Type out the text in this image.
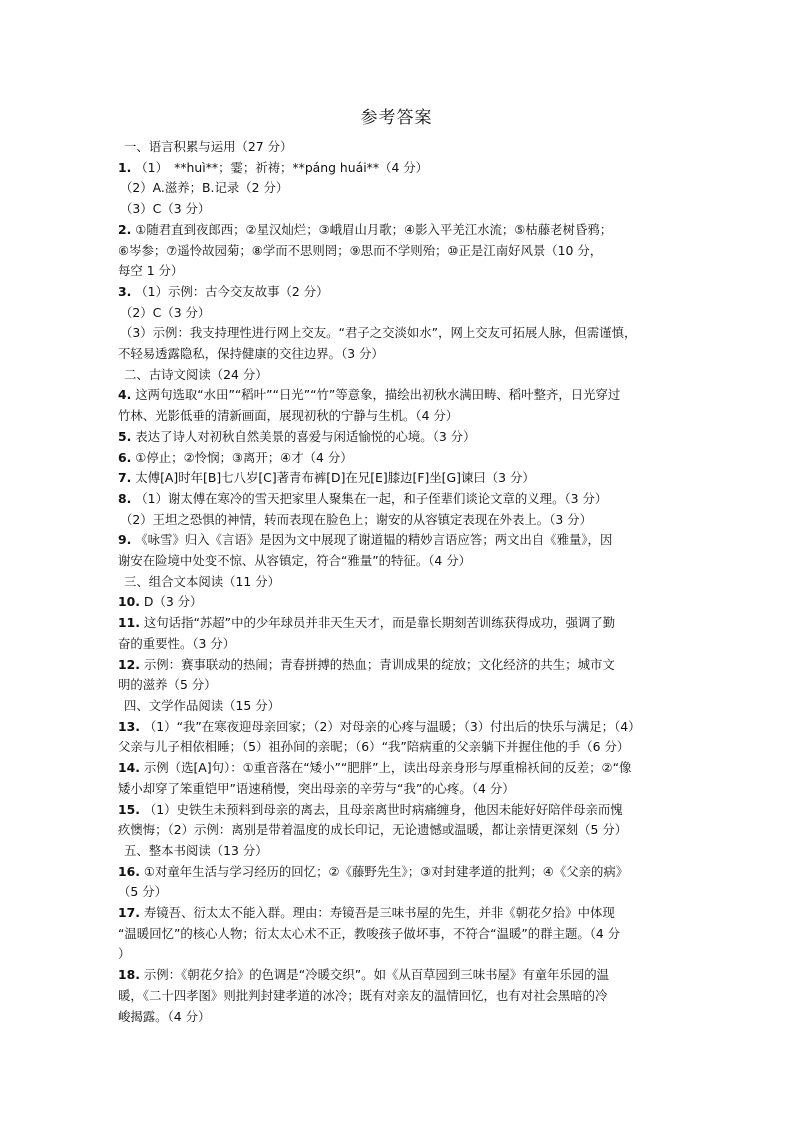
参考答案
一、语言积累与运用（27 分）
1. （1）　**huì**；霎；祈祷；**páng huái**（4 分）
（2）A.滋养；B.记录（2 分）
（3）C（3 分）
2. ①随君直到夜郎西；②星汉灿烂；③峨眉山月歌；④影入平羌江水流；⑤枯藤老树昏鸦；
⑥岑参；⑦遥怜故园菊；⑧学而不思则罔；⑨思而不学则殆；⑩正是江南好风景（10 分，
每空 1 分）
3. （1）示例：古今交友故事（2 分）
（2）C（3 分）
（3）示例：我支持理性进行网上交友。“君子之交淡如水”，网上交友可拓展人脉，但需谨慎，
不轻易透露隐私，保持健康的交往边界。（3 分）
二、古诗文阅读（24 分）
4. 这两句选取“水田”“稻叶”“日光”“竹”等意象，描绘出初秋水满田畴、稻叶整齐，日光穿过
竹林、光影低垂的清新画面，展现初秋的宁静与生机。（4 分）
5. 表达了诗人对初秋自然美景的喜爱与闲适愉悦的心境。（3 分）
6. ①停止；②怜悯；③离开；④才（4 分）
7. 太傅[A]时年[B]七八岁[C]著青布裤[D]在兄[E]膝边[F]坐[G]谏曰（3 分）
8. （1）谢太傅在寒冷的雪天把家里人聚集在一起，和子侄辈们谈论文章的义理。（3 分）
（2）王坦之恐惧的神情，转而表现在脸色上；谢安的从容镇定表现在外表上。（3 分）
9. 《咏雪》归入《言语》是因为文中展现了谢道韫的精妙言语应答；两文出自《雅量》，因
谢安在险境中处变不惊、从容镇定，符合“雅量”的特征。（4 分）
三、组合文本阅读（11 分）
10. D（3 分）
11. 这句话指“苏超”中的少年球员并非天生天才，而是靠长期刻苦训练获得成功，强调了勤
奋的重要性。（3 分）
12. 示例：赛事联动的热闹；青春拼搏的热血；青训成果的绽放；文化经济的共生；城市文
明的滋养（5 分）
四、文学作品阅读（15 分）
13. （1）“我”在寒夜迎母亲回家；（2）对母亲的心疼与温暖；（3）付出后的快乐与满足；（4）
父亲与儿子相依相睡；（5）祖孙间的亲昵；（6）“我”陪病重的父亲躺下并握住他的手（6 分）
14. 示例（选[A]句）：①重音落在“矮小”“肥胖”上，读出母亲身形与厚重棉袄间的反差；②“像
矮小却穿了笨重铠甲”语速稍慢，突出母亲的辛劳与“我”的心疼。（4 分）
15. （1）史铁生未预料到母亲的离去，且母亲离世时病痛缠身，他因未能好好陪伴母亲而愧
疚懊悔；（2）示例：离别是带着温度的成长印记，无论遗憾或温暖，都让亲情更深刻（5 分）
五、整本书阅读（13 分）
16. ①对童年生活与学习经历的回忆；②《藤野先生》；③对封建孝道的批判；④《父亲的病》
（5 分）
17. 寿镜吾、衍太太不能入群。理由：寿镜吾是三味书屋的先生，并非《朝花夕拾》中体现
“温暖回忆”的核心人物；衍太太心术不正，教唆孩子做坏事，不符合“温暖”的群主题。（4 分
）
18. 示例：《朝花夕拾》的色调是“冷暖交织”。如《从百草园到三味书屋》有童年乐园的温
暖，《二十四孝图》则批判封建孝道的冰冷；既有对亲友的温情回忆，也有对社会黑暗的冷
峻揭露。（4 分）
